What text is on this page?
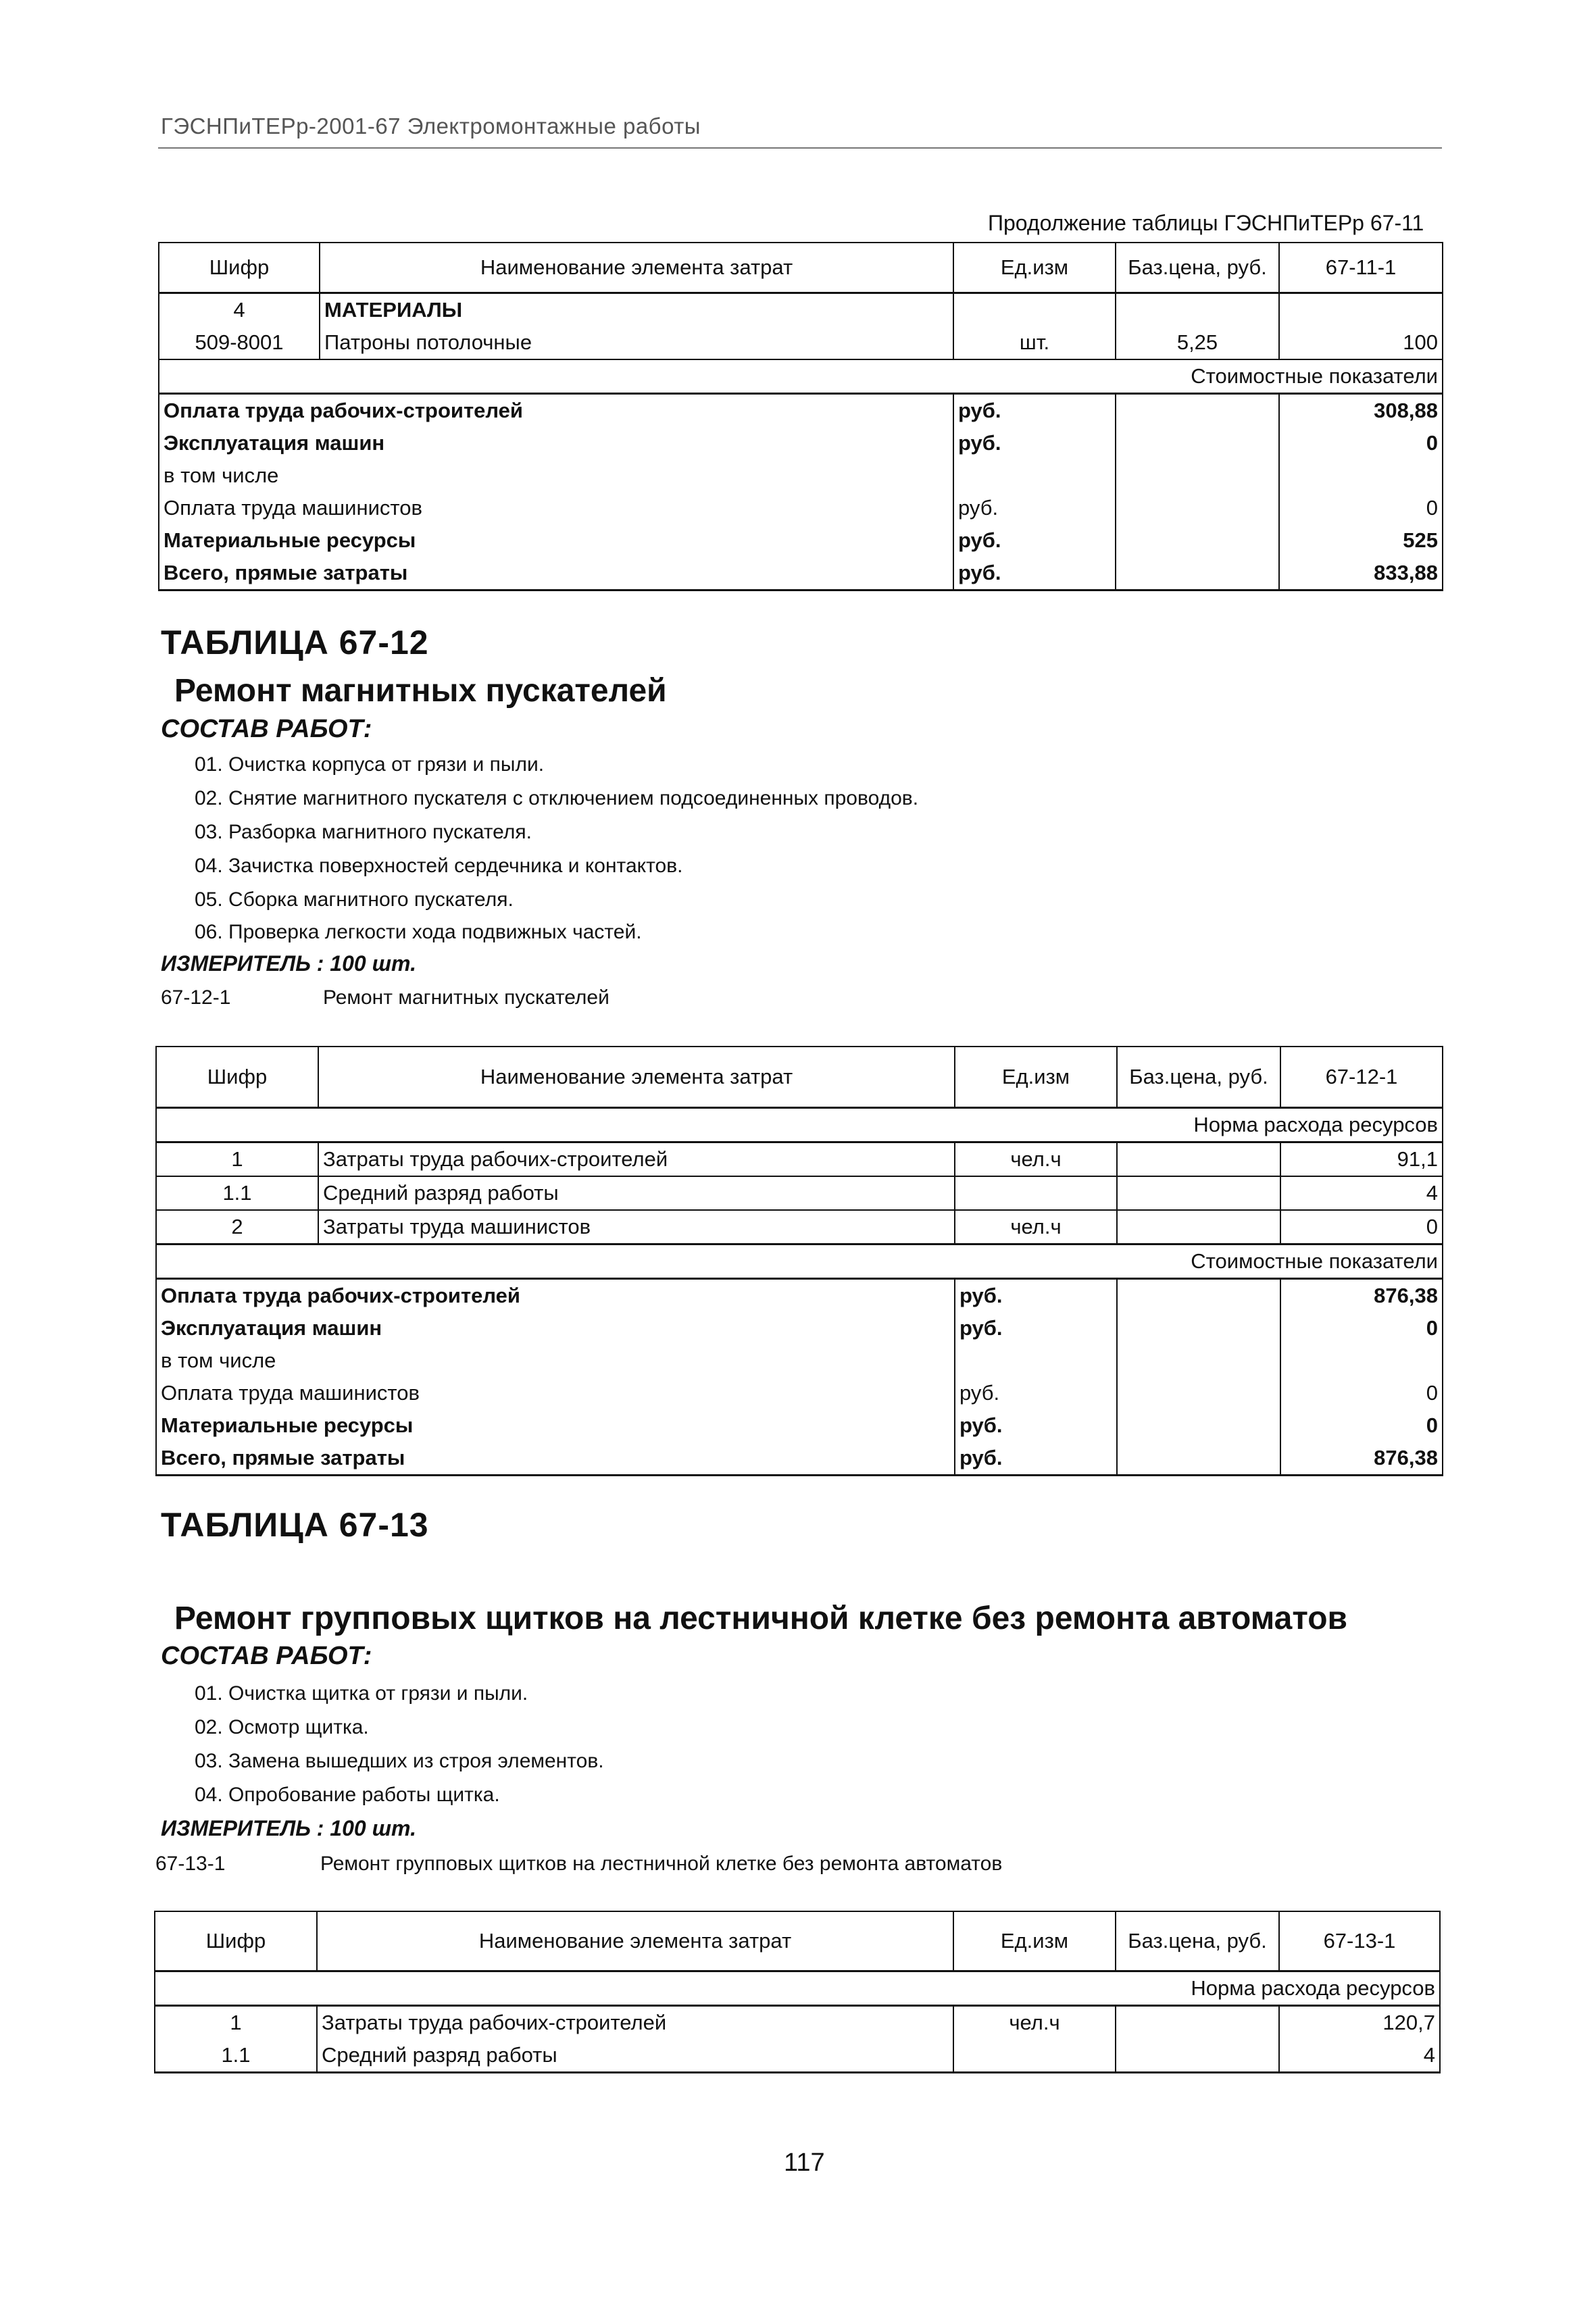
ГЭСНПиТЕРр-2001-67 Электромонтажные работы
Продолжение таблицы ГЭСНПиТЕРр 67-11
Шифр	Наименование элемента затрат	Ед.изм	Баз.цена, руб.	67-11-1
4	МАТЕРИАЛЫ			
509-8001	Патроны потолочные	шт.	5,25	100
Стоимостные показатели				
Оплата труда рабочих-строителей		руб.		308,88
Эксплуатация машин		руб.		0
в том числе				
Оплата труда машинистов		руб.		0
Материальные ресурсы		руб.		525
Всего, прямые затраты		руб.		833,88
ТАБЛИЦА 67-12
Ремонт магнитных пускателей
СОСТАВ РАБОТ:
01. Очистка корпуса от грязи и пыли.
02. Снятие магнитного пускателя с отключением подсоединенных проводов.
03. Разборка магнитного пускателя.
04. Зачистка поверхностей сердечника и контактов.
05. Сборка магнитного пускателя.
06. Проверка легкости хода подвижных частей.
ИЗМЕРИТЕЛЬ : 100 шт.
67-12-1	Ремонт магнитных пускателей
Шифр	Наименование элемента затрат	Ед.изм	Баз.цена, руб.	67-12-1
Норма расхода ресурсов				
1	Затраты труда рабочих-строителей	чел.ч		91,1
1.1	Средний разряд работы			4
2	Затраты труда машинистов	чел.ч		0
Стоимостные показатели				
Оплата труда рабочих-строителей		руб.		876,38
Эксплуатация машин		руб.		0
в том числе				
Оплата труда машинистов		руб.		0
Материальные ресурсы		руб.		0
Всего, прямые затраты		руб.		876,38
ТАБЛИЦА 67-13
Ремонт групповых щитков на лестничной клетке без ремонта автоматов
СОСТАВ РАБОТ:
01. Очистка щитка от грязи и пыли.
02. Осмотр щитка.
03. Замена вышедших из строя элементов.
04. Опробование работы щитка.
ИЗМЕРИТЕЛЬ : 100 шт.
67-13-1	Ремонт групповых щитков на лестничной клетке без ремонта автоматов
Шифр	Наименование элемента затрат	Ед.изм	Баз.цена, руб.	67-13-1
Норма расхода ресурсов				
1	Затраты труда рабочих-строителей	чел.ч		120,7
1.1	Средний разряд работы			4
117
